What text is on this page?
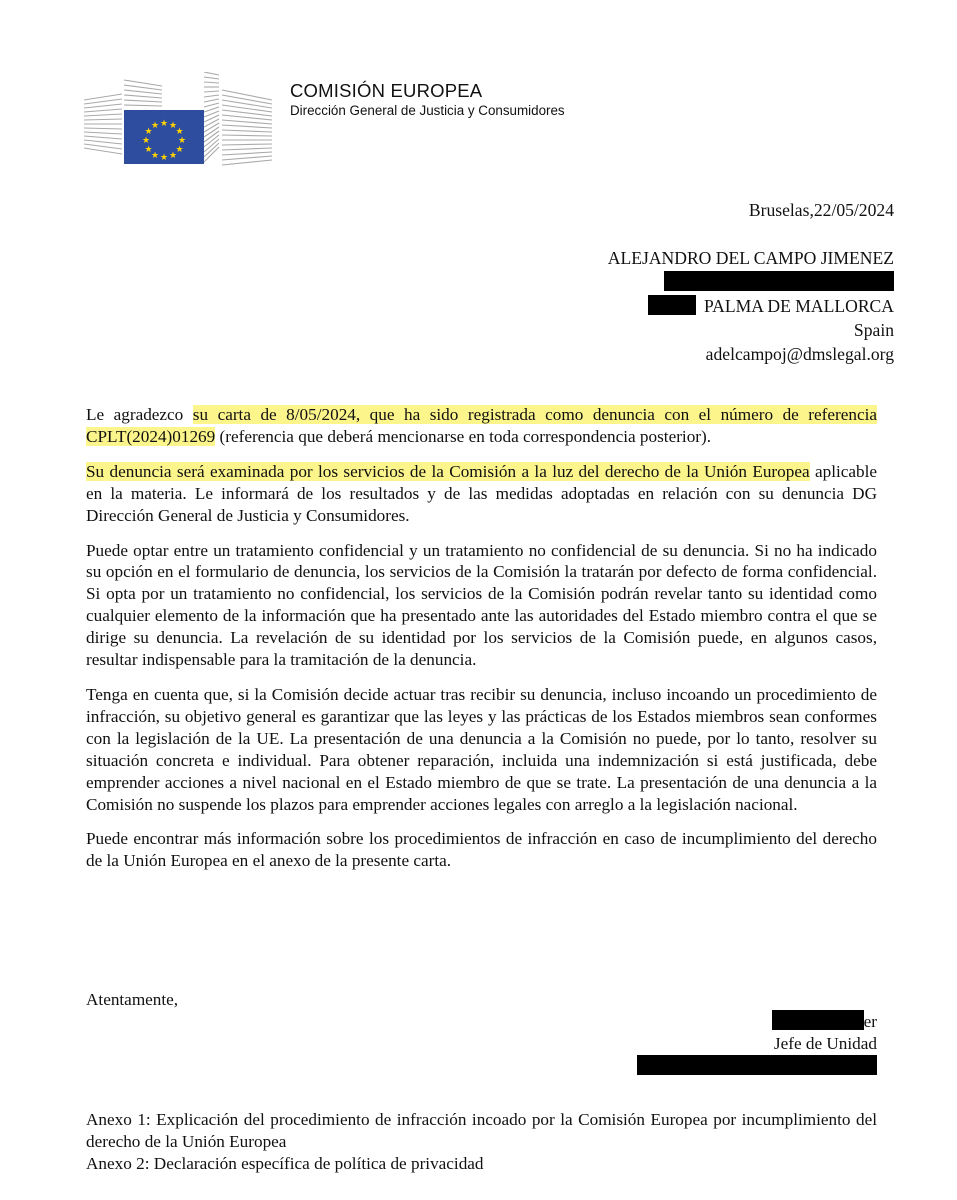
★ ★
★
★
★
★
★
★
★
★
★
★
COMISIÓN EUROPEA
Dirección General de Justicia y Consumidores
Bruselas,22/05/2024
ALEJANDRO DEL CAMPO JIMENEZ
PALMA DE MALLORCA
Spain
adelcampoj@dmslegal.org

Le agradezco su carta de 8/05/2024, que ha sido registrada como denuncia con el número de referencia CPLT(2024)01269 (referencia que deberá mencionarse en toda correspondencia posterior).

Su denuncia será examinada por los servicios de la Comisión a la luz del derecho de la Unión Europea aplicable en la materia. Le informará de los resultados y de las medidas adoptadas en relación con su denuncia DG Dirección General de Justicia y Consumidores.

Puede optar entre un tratamiento confidencial y un tratamiento no confidencial de su denuncia. Si no ha indicado su opción en el formulario de denuncia, los servicios de la Comisión la tratarán por defecto de forma confidencial. Si opta por un tratamiento no confidencial, los servicios de la Comisión podrán revelar tanto su identidad como cualquier elemento de la información que ha presentado ante las autoridades del Estado miembro contra el que se dirige su denuncia. La revelación de su identidad por los servicios de la Comisión puede, en algunos casos, resultar indispensable para la tramitación de la denuncia.

Tenga en cuenta que, si la Comisión decide actuar tras recibir su denuncia, incluso incoando un procedimiento de infracción, su objetivo general es garantizar que las leyes y las prácticas de los Estados miembros sean conformes con la legislación de la UE. La presentación de una denuncia a la Comisión no puede, por lo tanto, resolver su situación concreta e individual. Para obtener reparación, incluida una indemnización si está justificada, debe emprender acciones a nivel nacional en el Estado miembro de que se trate. La presentación de una denuncia a la Comisión no suspende los plazos para emprender acciones legales con arreglo a la legislación nacional.

Puede encontrar más información sobre los procedimientos de infracción en caso de incumplimiento del derecho de la Unión Europea en el anexo de la presente carta.

Atentamente,
er
Jefe de Unidad
Anexo 1: Explicación del procedimiento de infracción incoado por la Comisión Europea por incumplimiento del derecho de la Unión Europea
Anexo 2: Declaración específica de política de privacidad
